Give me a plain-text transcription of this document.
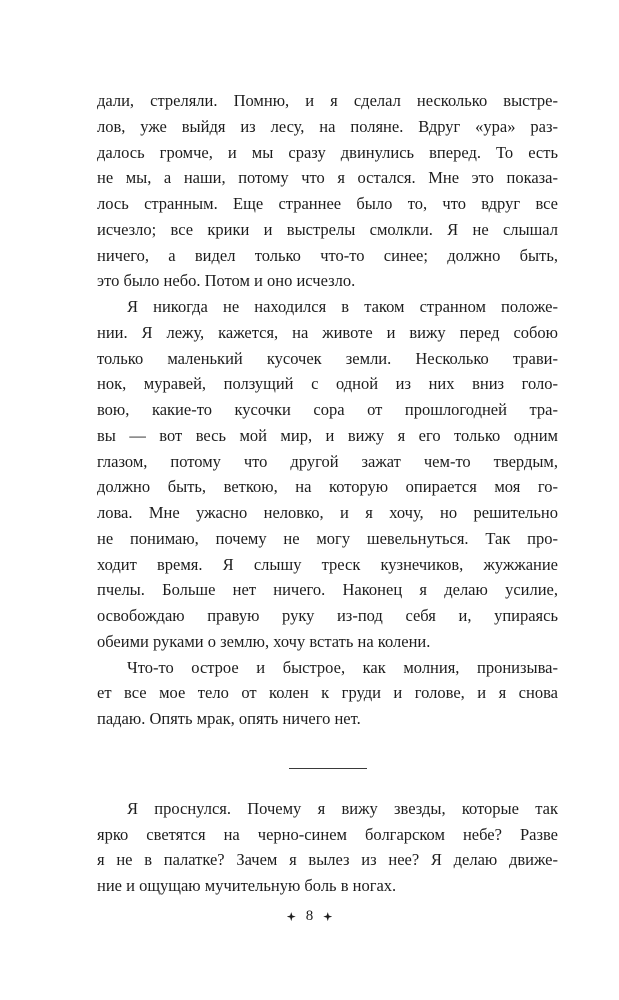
дали, стреляли. Помню, и я сделал несколько выстре-
лов, уже выйдя из лесу, на поляне. Вдруг «ура» раз-
далось громче, и мы сразу двинулись вперед. То есть
не мы, а наши, потому что я остался. Мне это показа-
лось странным. Еще страннее было то, что вдруг все
исчезло; все крики и выстрелы смолкли. Я не слышал
ничего, а видел только что-то синее; должно быть,
это было небо. Потом и оно исчезло.
Я никогда не находился в таком странном положе-
нии. Я лежу, кажется, на животе и вижу перед собою
только маленький кусочек земли. Несколько трави-
нок, муравей, ползущий с одной из них вниз голо-
вою, какие-то кусочки сора от прошлогодней тра-
вы — вот весь мой мир, и вижу я его только одним
глазом, потому что другой зажат чем-то твердым,
должно быть, веткою, на которую опирается моя го-
лова. Мне ужасно неловко, и я хочу, но решительно
не понимаю, почему не могу шевельнуться. Так про-
ходит время. Я слышу треск кузнечиков, жужжание
пчелы. Больше нет ничего. Наконец я делаю усилие,
освобождаю правую руку из-под себя и, упираясь
обеими руками о землю, хочу встать на колени.
Что-то острое и быстрое, как молния, пронизыва-
ет все мое тело от колен к груди и голове, и я снова
падаю. Опять мрак, опять ничего нет.
Я проснулся. Почему я вижу звезды, которые так
ярко светятся на черно-синем болгарском небе? Разве
я не в палатке? Зачем я вылез из нее? Я делаю движе-
ние и ощущаю мучительную боль в ногах.
8
